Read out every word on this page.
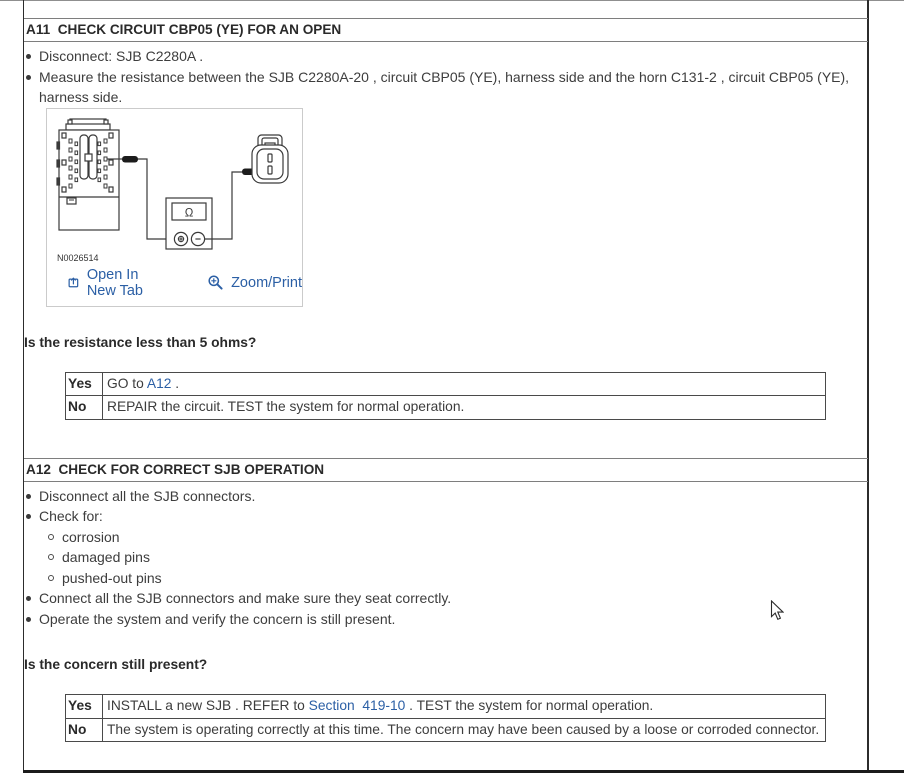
A11  CHECK CIRCUIT CBP05 (YE) FOR AN OPEN
Disconnect: SJB C2280A .
Measure the resistance between the SJB C2280A-20 , circuit CBP05 (YE), harness side and the horn C131-2 , circuit CBP05 (YE), harness side.
Ω
N0026514
Open In New Tab	Zoom/Print
Is the resistance less than 5 ohms?
Yes	GO to A12 .
No	REPAIR the circuit. TEST the system for normal operation.
A12  CHECK FOR CORRECT SJB OPERATION
Disconnect all the SJB connectors.
Check for:
corrosion
damaged pins
pushed-out pins
Connect all the SJB connectors and make sure they seat correctly.
Operate the system and verify the concern is still present.
Is the concern still present?
Yes	INSTALL a new SJB . REFER to Section  419-10 . TEST the system for normal operation.
No	The system is operating correctly at this time. The concern may have been caused by a loose or corroded connector.
